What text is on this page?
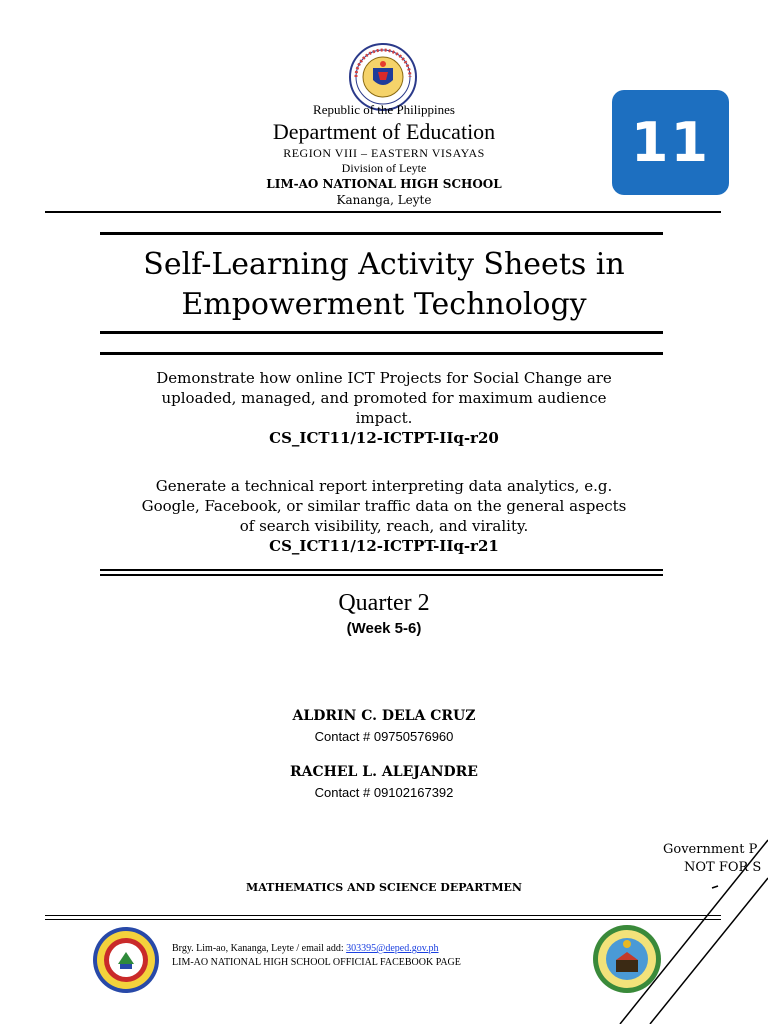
Republic of the Philippines
Department of Education
REGION VIII – EASTERN VISAYAS
Division of Leyte
LIM-AO NATIONAL HIGH SCHOOL
Kananga, Leyte
11
Self-Learning Activity Sheets in
Empowerment Technology
Demonstrate how online ICT Projects for Social Change are
uploaded, managed, and promoted for maximum audience
impact.
CS_ICT11/12-ICTPT-IIq-r20
Generate a technical report interpreting data analytics, e.g.
Google, Facebook, or similar traffic data on the general aspects
of search visibility, reach, and virality.
CS_ICT11/12-ICTPT-IIq-r21
Quarter 2
(Week 5-6)
ALDRIN C. DELA CRUZ
Contact # 09750576960
RACHEL L. ALEJANDRE
Contact # 09102167392
Government P
NOT FOR S
MATHEMATICS AND SCIENCE DEPARTMEN
Brgy. Lim-ao, Kananga, Leyte / email add: 303395@deped.gov.ph
LIM-AO NATIONAL HIGH SCHOOL OFFICIAL FACEBOOK PAGE
